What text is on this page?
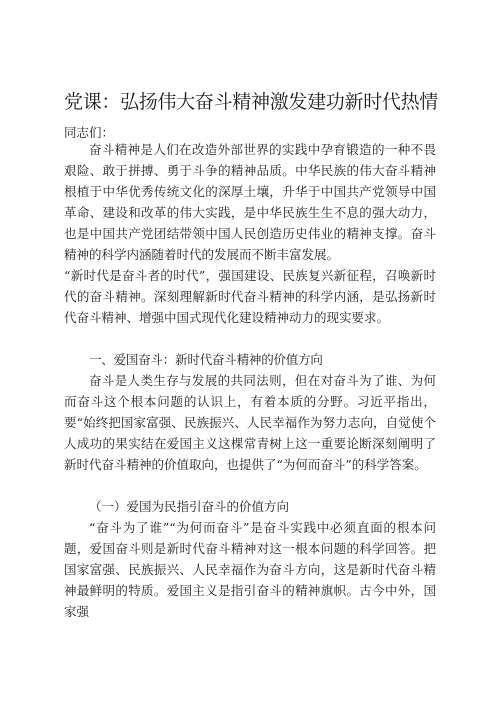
党课：弘扬伟大奋斗精神激发建功新时代热情
同志们：

奋斗精神是人们在改造外部世界的实践中孕育锻造的一种不畏艰险、敢于拼搏、勇于斗争的精神品质。中华民族的伟大奋斗精神根植于中华优秀传统文化的深厚土壤，升华于中国共产党领导中国革命、建设和改革的伟大实践，是中华民族生生不息的强大动力，也是中国共产党团结带领中国人民创造历史伟业的精神支撑。奋斗精神的科学内涵随着时代的发展而不断丰富发展。

“新时代是奋斗者的时代”，强国建设、民族复兴新征程，召唤新时代的奋斗精神。深刻理解新时代奋斗精神的科学内涵，是弘扬新时代奋斗精神、增强中国式现代化建设精神动力的现实要求。

一、爱国奋斗：新时代奋斗精神的价值方向

奋斗是人类生存与发展的共同法则，但在对奋斗为了谁、为何而奋斗这个根本问题的认识上，有着本质的分野。习近平指出，要“始终把国家富强、民族振兴、人民幸福作为努力志向，自觉使个人成功的果实结在爱国主义这棵常青树上这一重要论断深刻阐明了新时代奋斗精神的价值取向，也提供了“为何而奋斗”的科学答案。

（一）爱国为民指引奋斗的价值方向

“奋斗为了谁”“为何而奋斗”是奋斗实践中必须直面的根本问题，爱国奋斗则是新时代奋斗精神对这一根本问题的科学回答。把国家富强、民族振兴、人民幸福作为奋斗方向，这是新时代奋斗精神最鲜明的特质。爱国主义是指引奋斗的精神旗帜。古今中外，国家强
